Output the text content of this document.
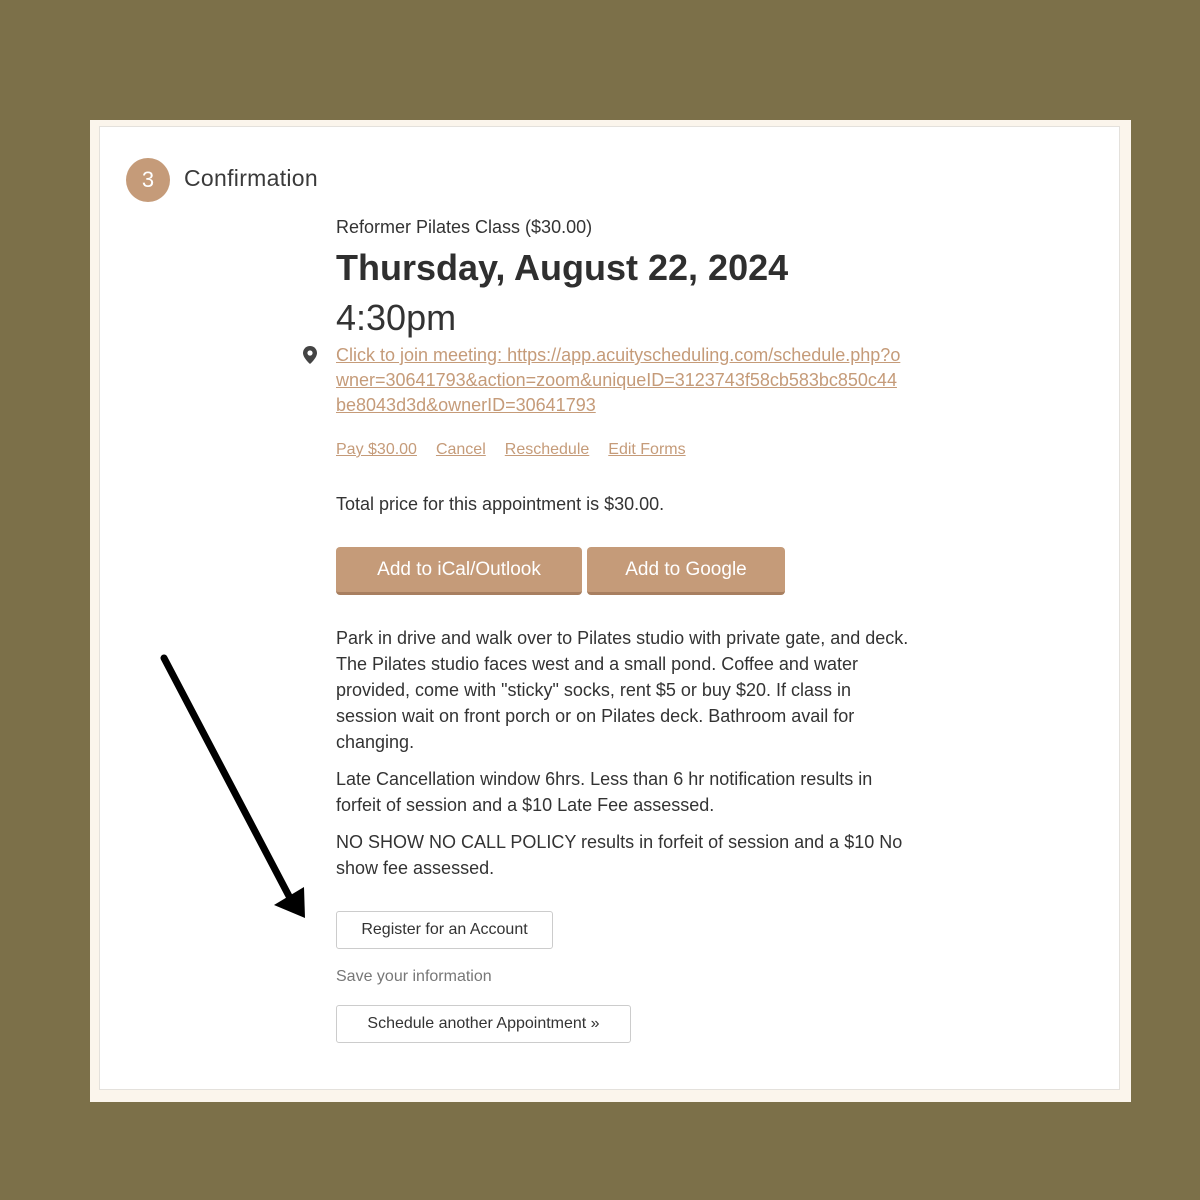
3	Confirmation
Reformer Pilates Class ($30.00)
Thursday, August 22, 2024
4:30pm
Click to join meeting: https://app.acuityscheduling.com/schedule.php?owner=30641793&action=zoom&uniqueID=3123743f58cb583bc850c44be8043d3d&ownerID=30641793
Pay $30.00 Cancel Reschedule Edit Forms
Total price for this appointment is $30.00.
Add to iCal/Outlook	Add to Google

Park in drive and walk over to Pilates studio with private gate, and deck. The Pilates studio faces west and a small pond. Coffee and water provided, come with "sticky" socks, rent $5 or buy $20. If class in session wait on front porch or on Pilates deck. Bathroom avail for changing.

Late Cancellation window 6hrs. Less than 6 hr notification results in forfeit of session and a $10 Late Fee assessed.

NO SHOW NO CALL POLICY results in forfeit of session and a $10 No show fee assessed.

Register for an Account
Save your information
Schedule another Appointment »
